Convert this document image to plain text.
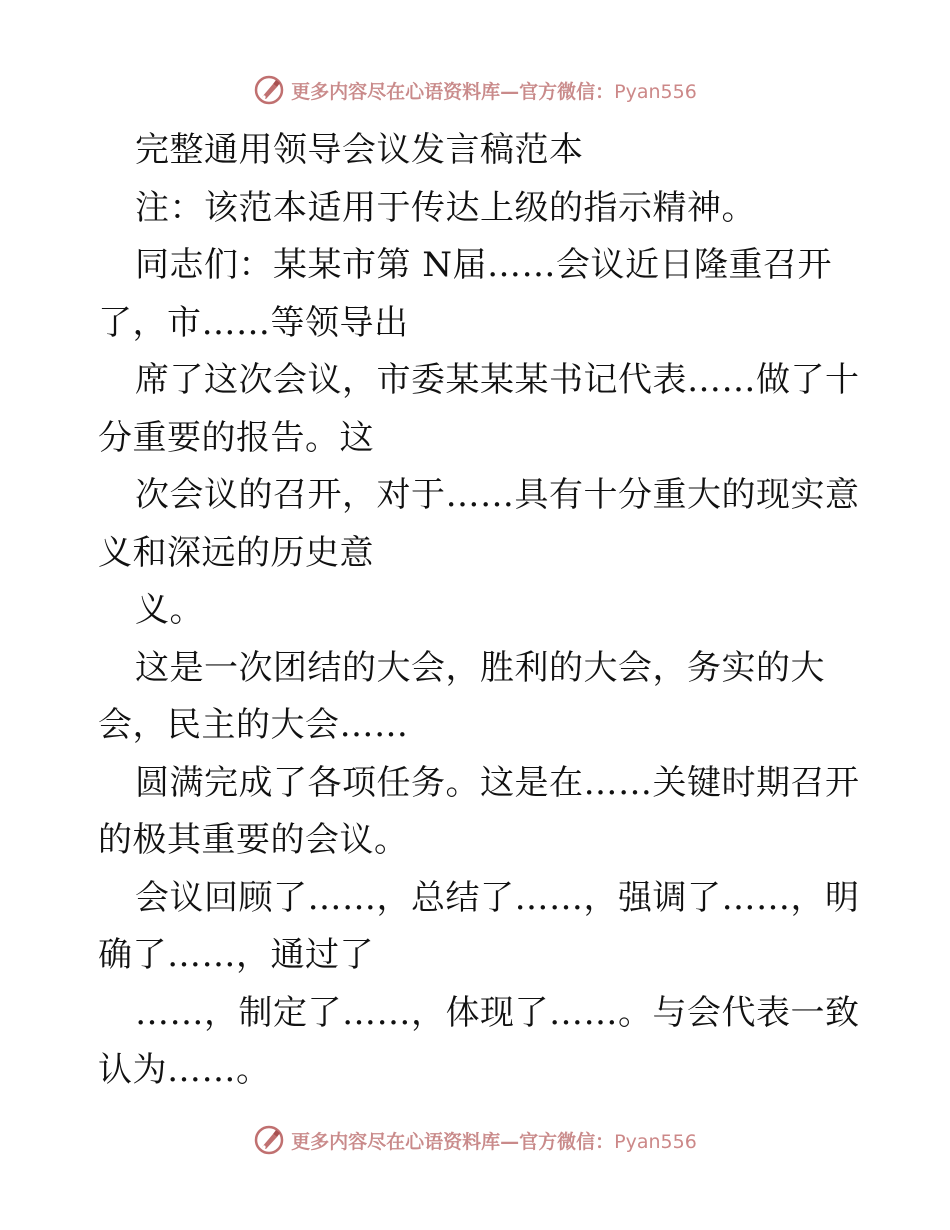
更多内容尽在心语资料库—官方微信：Pyan556
完整通用领导会议发言稿范本
注：该范本适用于传达上级的指示精神。
同志们：某某市第 N届……会议近日隆重召开
了，市……等领导出
席了这次会议，市委某某某书记代表……做了十
分重要的报告。这
次会议的召开，对于……具有十分重大的现实意
义和深远的历史意
义。
这是一次团结的大会，胜利的大会，务实的大
会，民主的大会……
圆满完成了各项任务。这是在……关键时期召开
的极其重要的会议。
会议回顾了……，总结了……，强调了……，明
确了……，通过了
……，制定了……，体现了……。与会代表一致
认为……。
更多内容尽在心语资料库—官方微信：Pyan556
